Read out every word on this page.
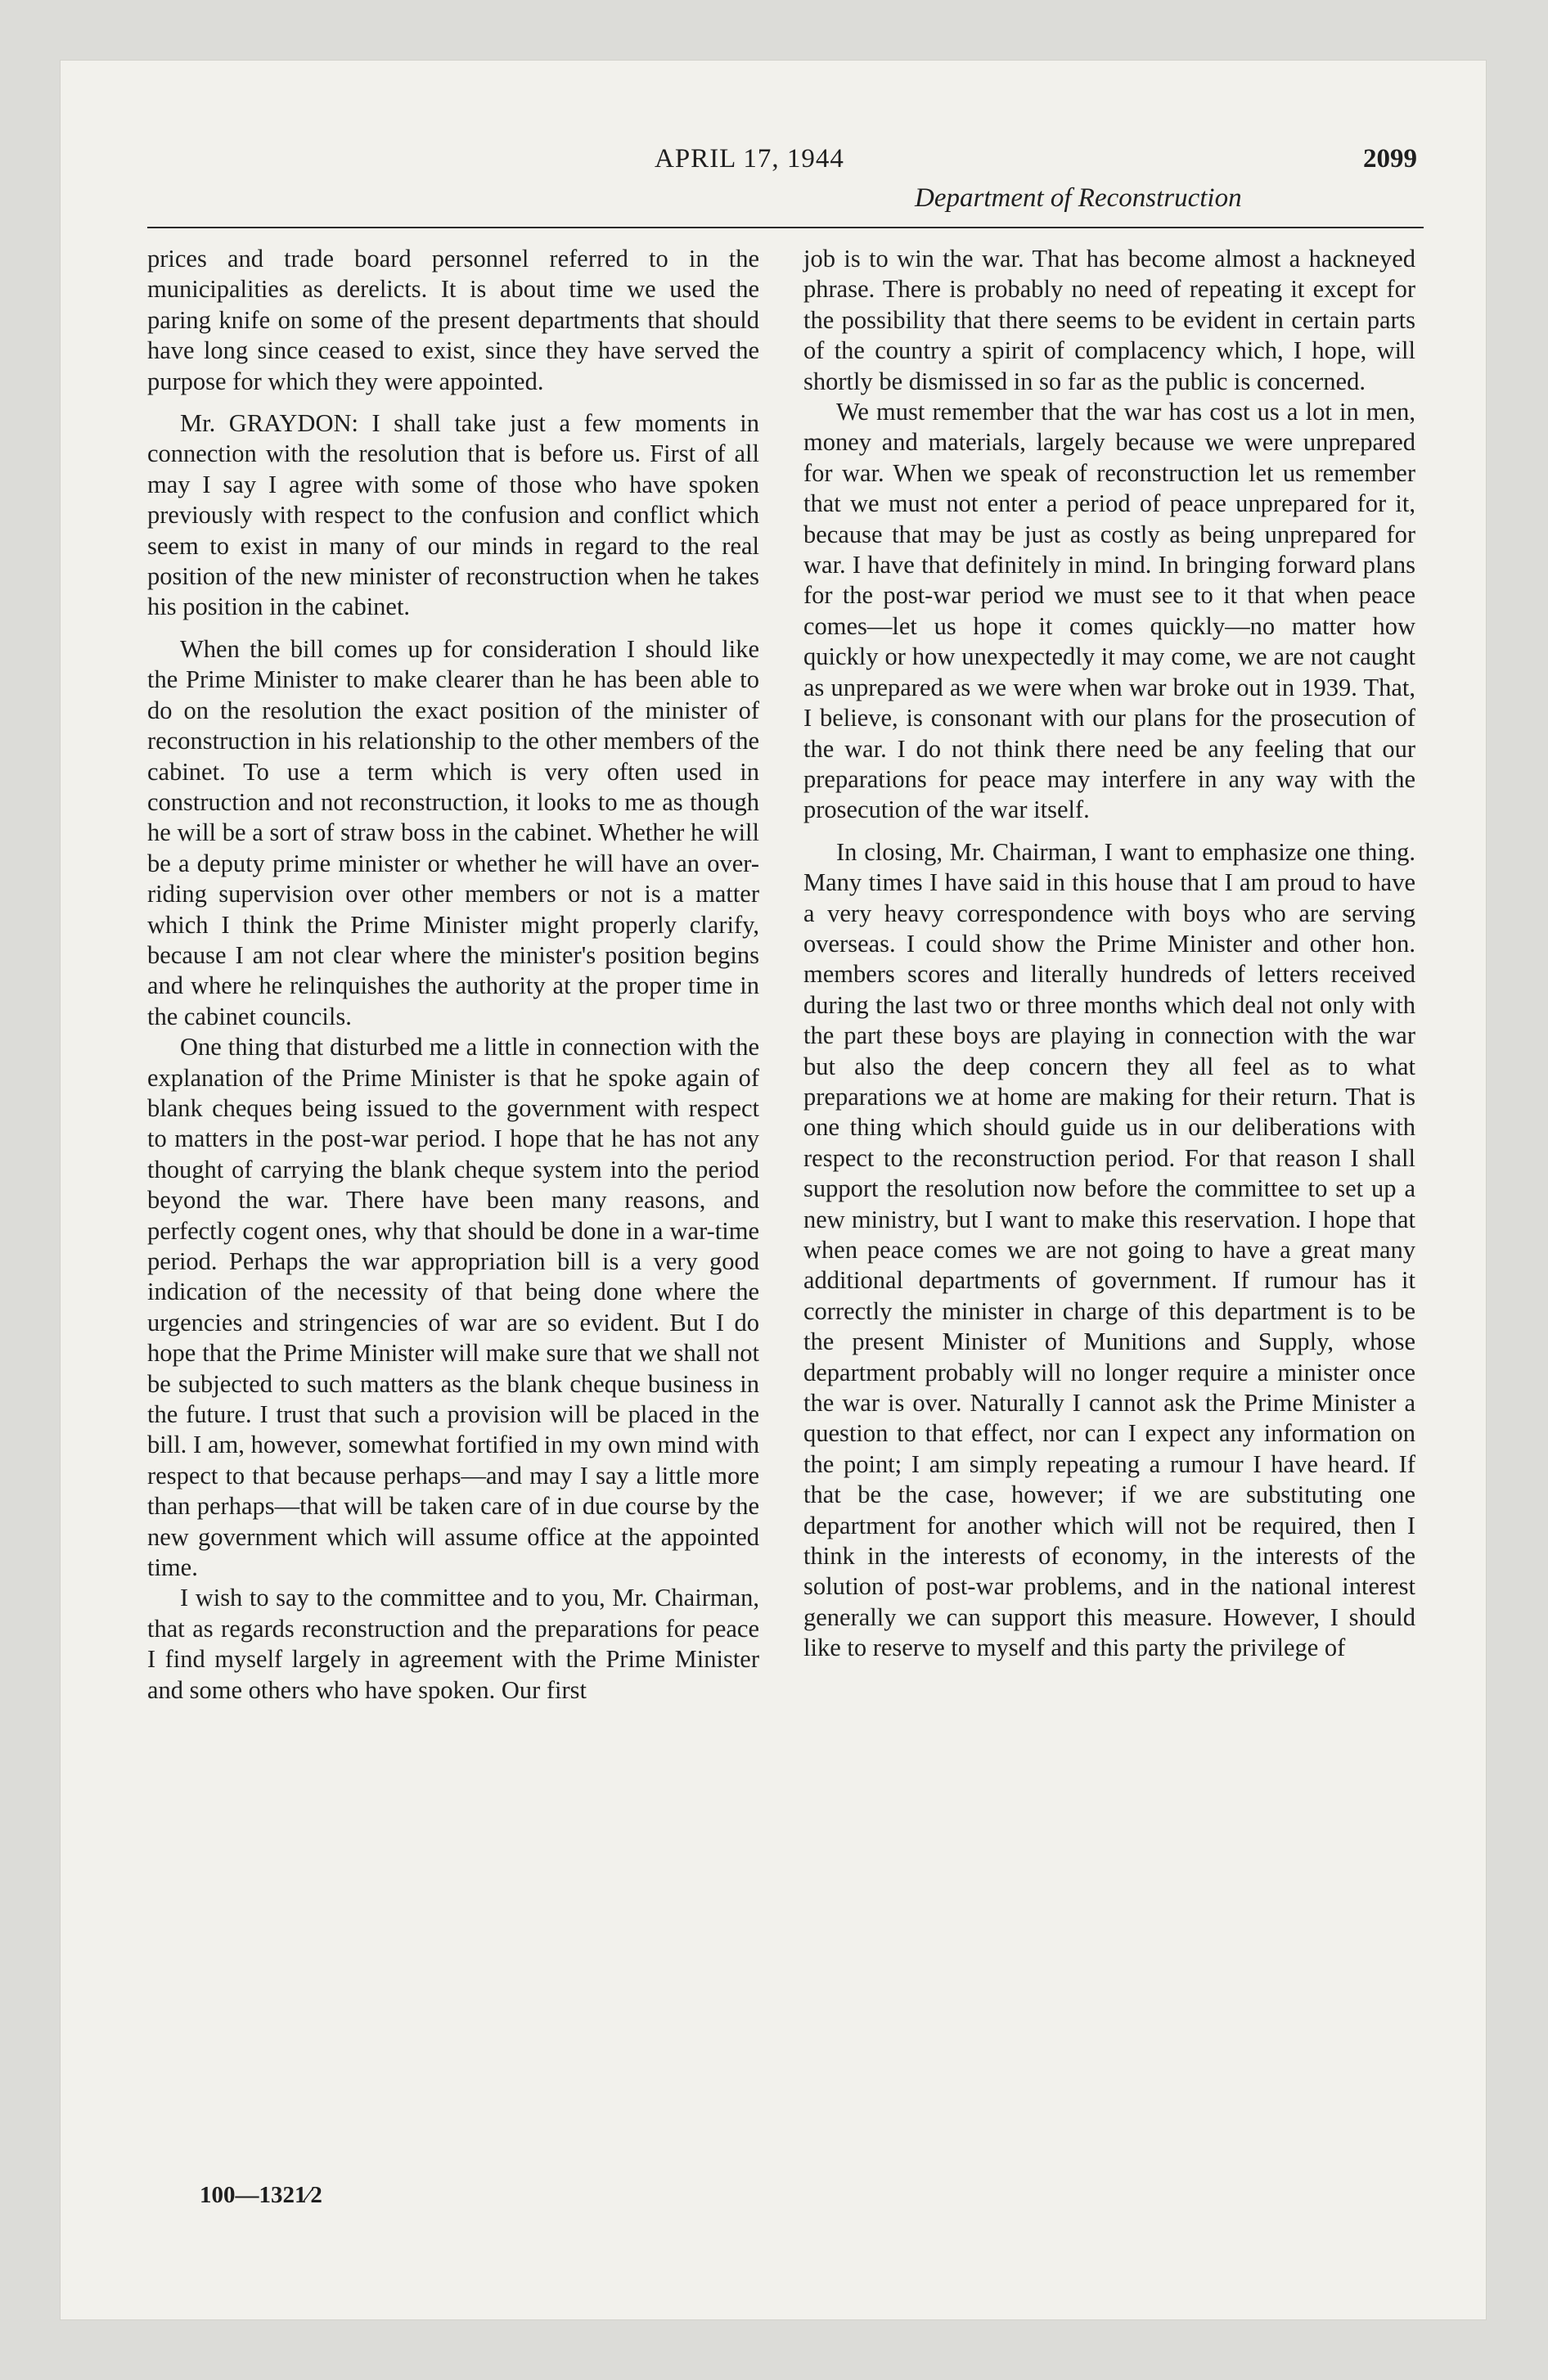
APRIL 17, 1944	2099
Department of Reconstruction

prices and trade board personnel referred to in the municipalities as derelicts. It is about time we used the paring knife on some of the present departments that should have long since ceased to exist, since they have served the purpose for which they were appointed.

Mr. GRAYDON: I shall take just a few moments in connection with the resolution that is before us. First of all may I say I agree with some of those who have spoken previously with respect to the confusion and conflict which seem to exist in many of our minds in regard to the real position of the new minister of reconstruction when he takes his position in the cabinet.

When the bill comes up for consideration I should like the Prime Minister to make clearer than he has been able to do on the resolution the exact position of the minister of reconstruction in his relationship to the other members of the cabinet. To use a term which is very often used in construction and not reconstruction, it looks to me as though he will be a sort of straw boss in the cabinet. Whether he will be a deputy prime minister or whether he will have an over-riding supervision over other members or not is a matter which I think the Prime Minister might properly clarify, because I am not clear where the minister's position begins and where he relinquishes the authority at the proper time in the cabinet councils.

One thing that disturbed me a little in connection with the explanation of the Prime Minister is that he spoke again of blank cheques being issued to the government with respect to matters in the post-war period. I hope that he has not any thought of carrying the blank cheque system into the period beyond the war. There have been many reasons, and perfectly cogent ones, why that should be done in a war-time period. Perhaps the war appropriation bill is a very good indication of the necessity of that being done where the urgencies and stringencies of war are so evident. But I do hope that the Prime Minister will make sure that we shall not be subjected to such matters as the blank cheque business in the future. I trust that such a provision will be placed in the bill. I am, however, somewhat fortified in my own mind with respect to that because perhaps—and may I say a little more than perhaps—that will be taken care of in due course by the new government which will assume office at the appointed time.

I wish to say to the committee and to you, Mr. Chairman, that as regards reconstruction and the preparations for peace I find myself largely in agreement with the Prime Minister and some others who have spoken. Our first

100—1321⁄2

job is to win the war. That has become almost a hackneyed phrase. There is probably no need of repeating it except for the possibility that there seems to be evident in certain parts of the country a spirit of complacency which, I hope, will shortly be dismissed in so far as the public is concerned.

We must remember that the war has cost us a lot in men, money and materials, largely because we were unprepared for war. When we speak of reconstruction let us remember that we must not enter a period of peace unprepared for it, because that may be just as costly as being unprepared for war. I have that definitely in mind. In bringing forward plans for the post-war period we must see to it that when peace comes—let us hope it comes quickly—no matter how quickly or how unexpectedly it may come, we are not caught as unprepared as we were when war broke out in 1939. That, I believe, is consonant with our plans for the prosecution of the war. I do not think there need be any feeling that our preparations for peace may interfere in any way with the prosecution of the war itself.

In closing, Mr. Chairman, I want to emphasize one thing. Many times I have said in this house that I am proud to have a very heavy correspondence with boys who are serving overseas. I could show the Prime Minister and other hon. members scores and literally hundreds of letters received during the last two or three months which deal not only with the part these boys are playing in connection with the war but also the deep concern they all feel as to what preparations we at home are making for their return. That is one thing which should guide us in our deliberations with respect to the reconstruction period. For that reason I shall support the resolution now before the committee to set up a new ministry, but I want to make this reservation. I hope that when peace comes we are not going to have a great many additional departments of government. If rumour has it correctly the minister in charge of this department is to be the present Minister of Munitions and Supply, whose department probably will no longer require a minister once the war is over. Naturally I cannot ask the Prime Minister a question to that effect, nor can I expect any information on the point; I am simply repeating a rumour I have heard. If that be the case, however; if we are substituting one department for another which will not be required, then I think in the interests of economy, in the interests of the solution of post-war problems, and in the national interest generally we can support this measure. However, I should like to reserve to myself and this party the privilege of
